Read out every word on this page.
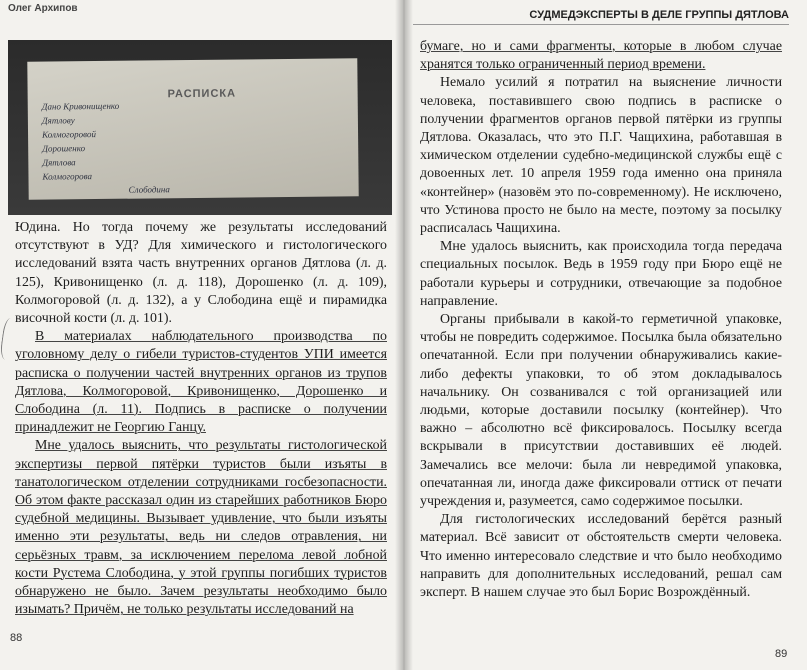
Олег Архипов
РАСПИСКА
Дано Кривонищенко
Дятлову
Колмогоровой
Дорошенко
Дятлова
Колмогорова
Слободина

Юдина. Но тогда почему же результаты исследований отсутствуют в УД? Для химического и гистологического исследований взята часть внутренних органов Дятлова (л. д. 125), Кривонищенко (л. д. 118), Дорошенко (л. д. 109), Колмогоровой (л. д. 132), а у Слободина ещё и пирамидка височной кости (л. д. 101).

В материалах наблюдательного производства по уголовному делу о гибели туристов-студентов УПИ имеется расписка о получении частей внутренних органов из трупов Дятлова, Колмогоровой, Кривонищенко, Дорошенко и Слободина (л. 11). Подпись в расписке о получении принадлежит не Георгию Ганцу.

Мне удалось выяснить, что результаты гистологической экспертизы первой пятёрки туристов были изъяты в танатологическом отделении сотрудниками госбезопасности. Об этом факте рассказал один из старейших работников Бюро судебной медицины. Вызывает удивление, что были изъяты именно эти результаты, ведь ни следов отравления, ни серьёзных травм, за исключением перелома левой лобной кости Рустема Слободина, у этой группы погибших туристов обнаружено не было. Зачем результаты необходимо было изымать? Причём, не только результаты исследований на

88
СУДМЕДЭКСПЕРТЫ В ДЕЛЕ ГРУППЫ ДЯТЛОВА

бумаге, но и сами фрагменты, которые в любом случае хранятся только ограниченный период времени.

Немало усилий я потратил на выяснение личности человека, поставившего свою подпись в расписке о получении фрагментов органов первой пятёрки из группы Дятлова. Оказалась, что это П.Г. Чащихина, работавшая в химическом отделении судебно-медицинской службы ещё с довоенных лет. 10 апреля 1959 года именно она приняла «контейнер» (назовём это по-современному). Не исключено, что Устинова просто не было на месте, поэтому за посылку расписалась Чащихина.

Мне удалось выяснить, как происходила тогда передача специальных посылок. Ведь в 1959 году при Бюро ещё не работали курьеры и сотрудники, отвечающие за подобное направление.

Органы прибывали в какой-то герметичной упаковке, чтобы не повредить содержимое. Посылка была обязательно опечатанной. Если при получении обнаруживались какие-либо дефекты упаковки, то об этом докладывалось начальнику. Он созванивался с той организацией или людьми, которые доставили посылку (контейнер). Что важно – абсолютно всё фиксировалось. Посылку всегда вскрывали в присутствии доставивших её людей. Замечались все мелочи: была ли невредимой упаковка, опечатанная ли, иногда даже фиксировали оттиск от печати учреждения и, разумеется, само содержимое посылки.

Для гистологических исследований берётся разный материал. Всё зависит от обстоятельств смерти человека. Что именно интересовало следствие и что было необходимо направить для дополнительных исследований, решал сам эксперт. В нашем случае это был Борис Возрождённый.

89
